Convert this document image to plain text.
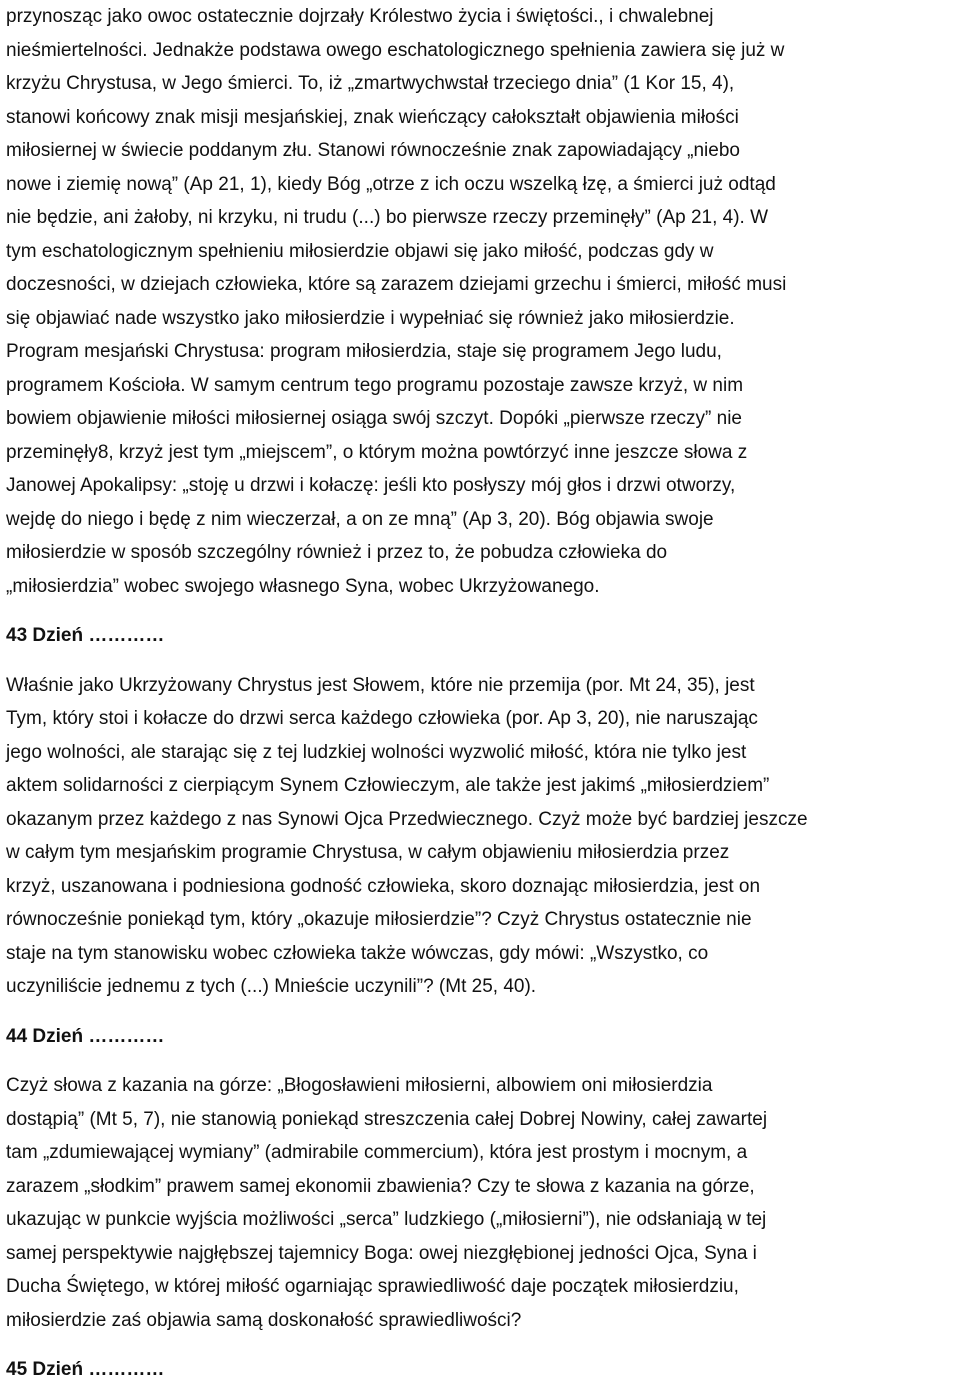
przynosząc jako owoc ostatecznie dojrzały Królestwo życia i świętości., i chwalebnej
nieśmiertelności. Jednakże podstawa owego eschatologicznego spełnienia zawiera się już w
krzyżu Chrystusa, w Jego śmierci. To, iż „zmartwychwstał trzeciego dnia” (1 Kor 15, 4),
stanowi końcowy znak misji mesjańskiej, znak wieńczący całokształt objawienia miłości
miłosiernej w świecie poddanym złu. Stanowi równocześnie znak zapowiadający „niebo
nowe i ziemię nową” (Ap 21, 1), kiedy Bóg „otrze z ich oczu wszelką łzę, a śmierci już odtąd
nie będzie, ani żałoby, ni krzyku, ni trudu (...) bo pierwsze rzeczy przeminęły” (Ap 21, 4). W
tym eschatologicznym spełnieniu miłosierdzie objawi się jako miłość, podczas gdy w
doczesności, w dziejach człowieka, które są zarazem dziejami grzechu i śmierci, miłość musi
się objawiać nade wszystko jako miłosierdzie i wypełniać się również jako miłosierdzie.
Program mesjański Chrystusa: program miłosierdzia, staje się programem Jego ludu,
programem Kościoła. W samym centrum tego programu pozostaje zawsze krzyż, w nim
bowiem objawienie miłości miłosiernej osiąga swój szczyt. Dopóki „pierwsze rzeczy” nie
przeminęły8, krzyż jest tym „miejscem”, o którym można powtórzyć inne jeszcze słowa z
Janowej Apokalipsy: „stoję u drzwi i kołaczę: jeśli kto posłyszy mój głos i drzwi otworzy,
wejdę do niego i będę z nim wieczerzał, a on ze mną” (Ap 3, 20). Bóg objawia swoje
miłosierdzie w sposób szczególny również i przez to, że pobudza człowieka do
„miłosierdzia” wobec swojego własnego Syna, wobec Ukrzyżowanego.
43 Dzień …………
Właśnie jako Ukrzyżowany Chrystus jest Słowem, które nie przemija (por. Mt 24, 35), jest
Tym, który stoi i kołacze do drzwi serca każdego człowieka (por. Ap 3, 20), nie naruszając
jego wolności, ale starając się z tej ludzkiej wolności wyzwolić miłość, która nie tylko jest
aktem solidarności z cierpiącym Synem Człowieczym, ale także jest jakimś „miłosierdziem”
okazanym przez każdego z nas Synowi Ojca Przedwiecznego. Czyż może być bardziej jeszcze
w całym tym mesjańskim programie Chrystusa, w całym objawieniu miłosierdzia przez
krzyż, uszanowana i podniesiona godność człowieka, skoro doznając miłosierdzia, jest on
równocześnie poniekąd tym, który „okazuje miłosierdzie”? Czyż Chrystus ostatecznie nie
staje na tym stanowisku wobec człowieka także wówczas, gdy mówi: „Wszystko, co
uczyniliście jednemu z tych (...) Mnieście uczynili”? (Mt 25, 40).
44 Dzień …………
Czyż słowa z kazania na górze: „Błogosławieni miłosierni, albowiem oni miłosierdzia
dostąpią” (Mt 5, 7), nie stanowią poniekąd streszczenia całej Dobrej Nowiny, całej zawartej
tam „zdumiewającej wymiany” (admirabile commercium), która jest prostym i mocnym, a
zarazem „słodkim” prawem samej ekonomii zbawienia? Czy te słowa z kazania na górze,
ukazując w punkcie wyjścia możliwości „serca” ludzkiego („miłosierni”), nie odsłaniają w tej
samej perspektywie najgłębszej tajemnicy Boga: owej niezgłębionej jedności Ojca, Syna i
Ducha Świętego, w której miłość ogarniając sprawiedliwość daje początek miłosierdziu,
miłosierdzie zaś objawia samą doskonałość sprawiedliwości?
45 Dzień …………
